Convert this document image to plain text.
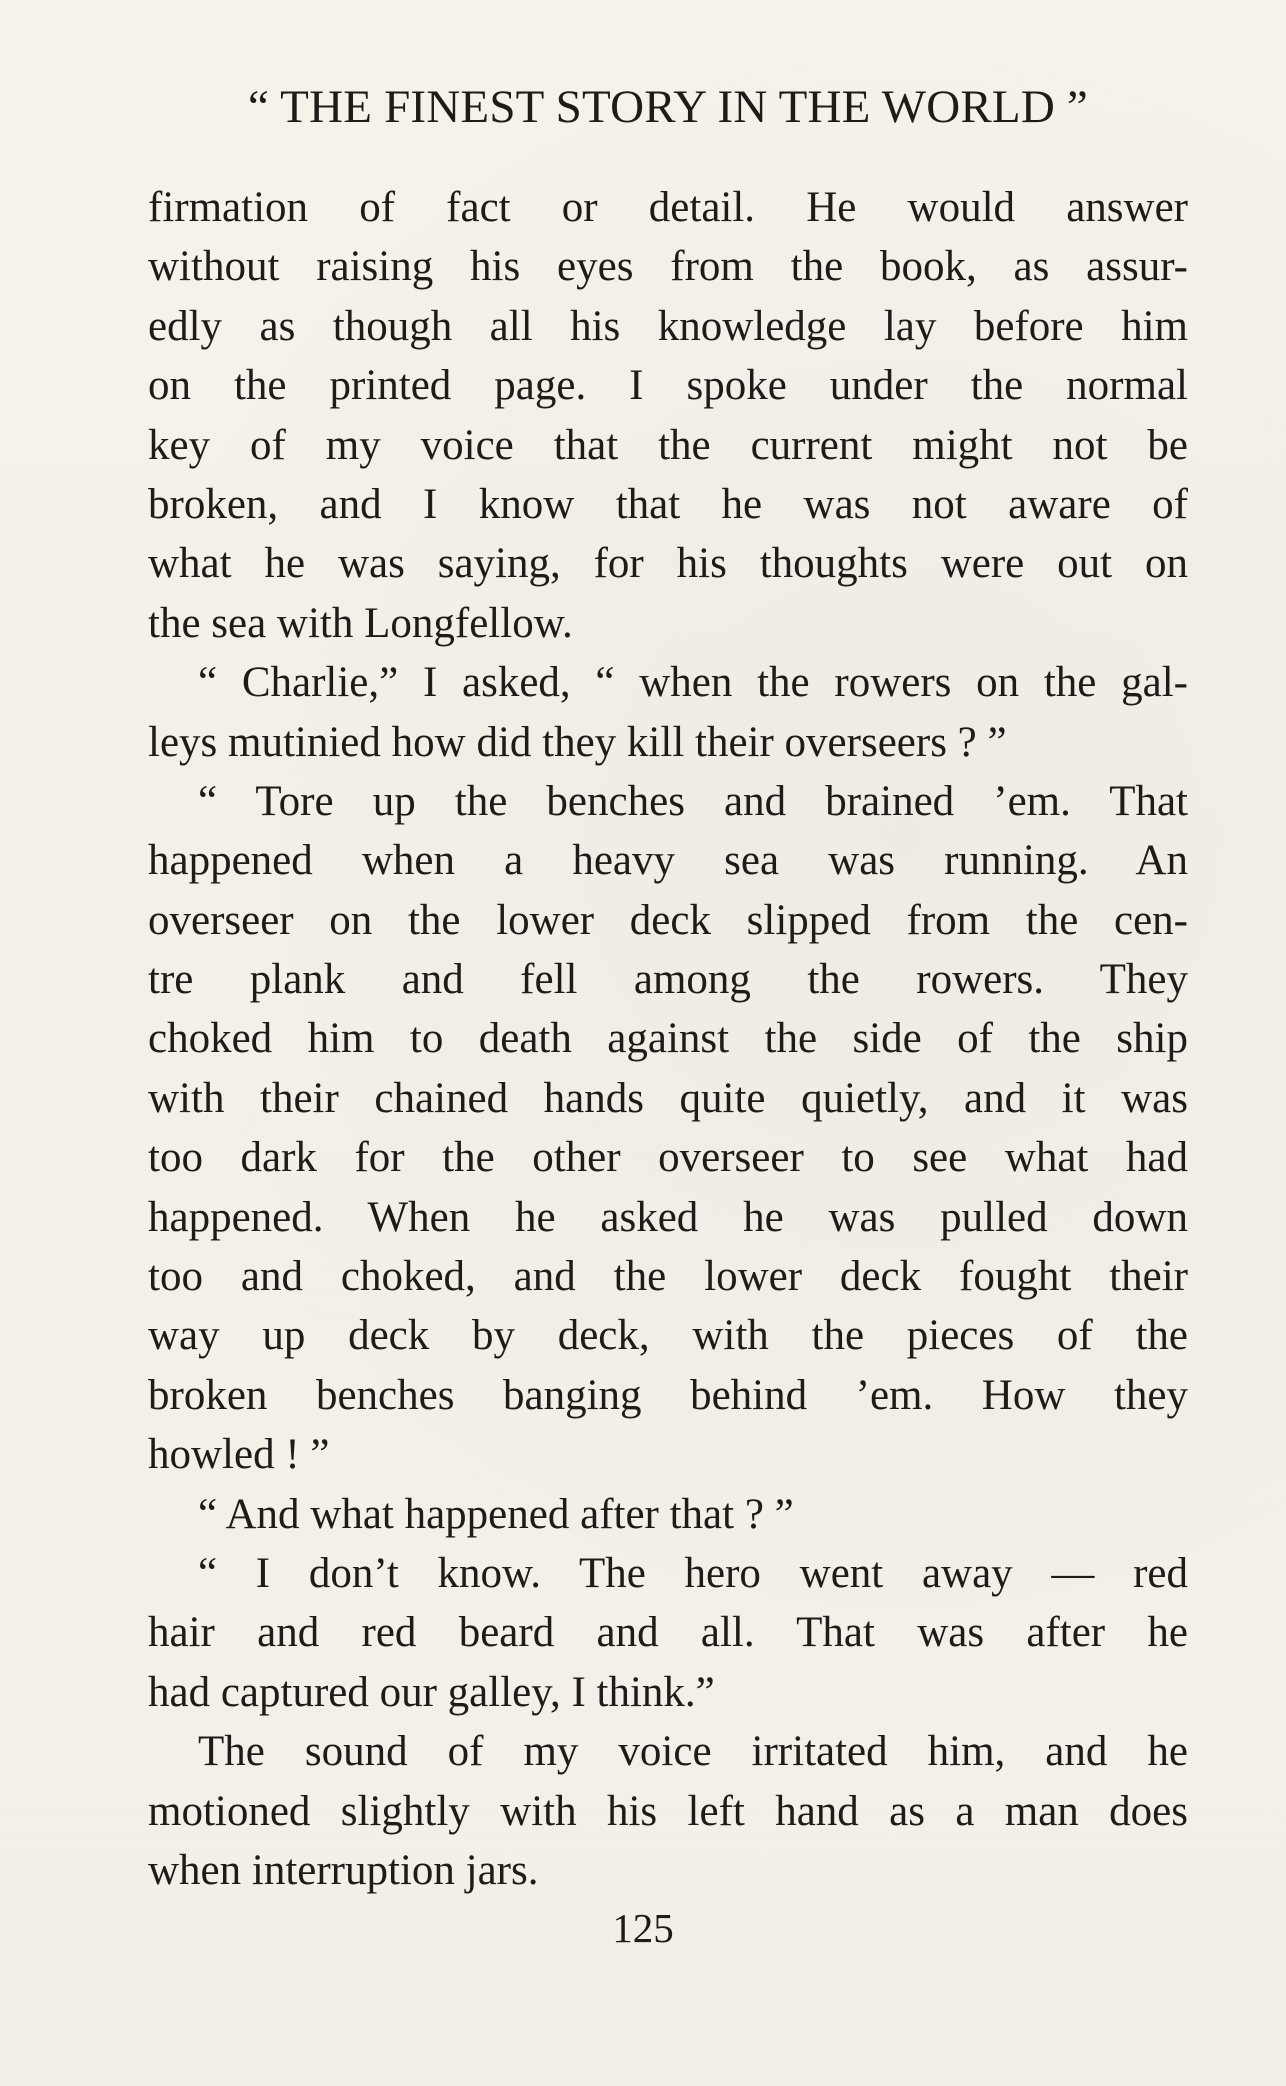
“ THE FINEST STORY IN THE WORLD ”
firmation of fact or detail. He would answer
without raising his eyes from the book, as assur-
edly as though all his knowledge lay before him
on the printed page. I spoke under the normal
key of my voice that the current might not be
broken, and I know that he was not aware of
what he was saying, for his thoughts were out on
the sea with Longfellow.
“ Charlie,” I asked, “ when the rowers on the gal-
leys mutinied how did they kill their overseers ? ”
“ Tore up the benches and brained ’em. That
happened when a heavy sea was running. An
overseer on the lower deck slipped from the cen-
tre plank and fell among the rowers. They
choked him to death against the side of the ship
with their chained hands quite quietly, and it was
too dark for the other overseer to see what had
happened. When he asked he was pulled down
too and choked, and the lower deck fought their
way up deck by deck, with the pieces of the
broken benches banging behind ’em. How they
howled ! ”
“ And what happened after that ? ”
“ I don’t know. The hero went away — red
hair and red beard and all. That was after he
had captured our galley, I think.”
The sound of my voice irritated him, and he
motioned slightly with his left hand as a man does
when interruption jars.
125
